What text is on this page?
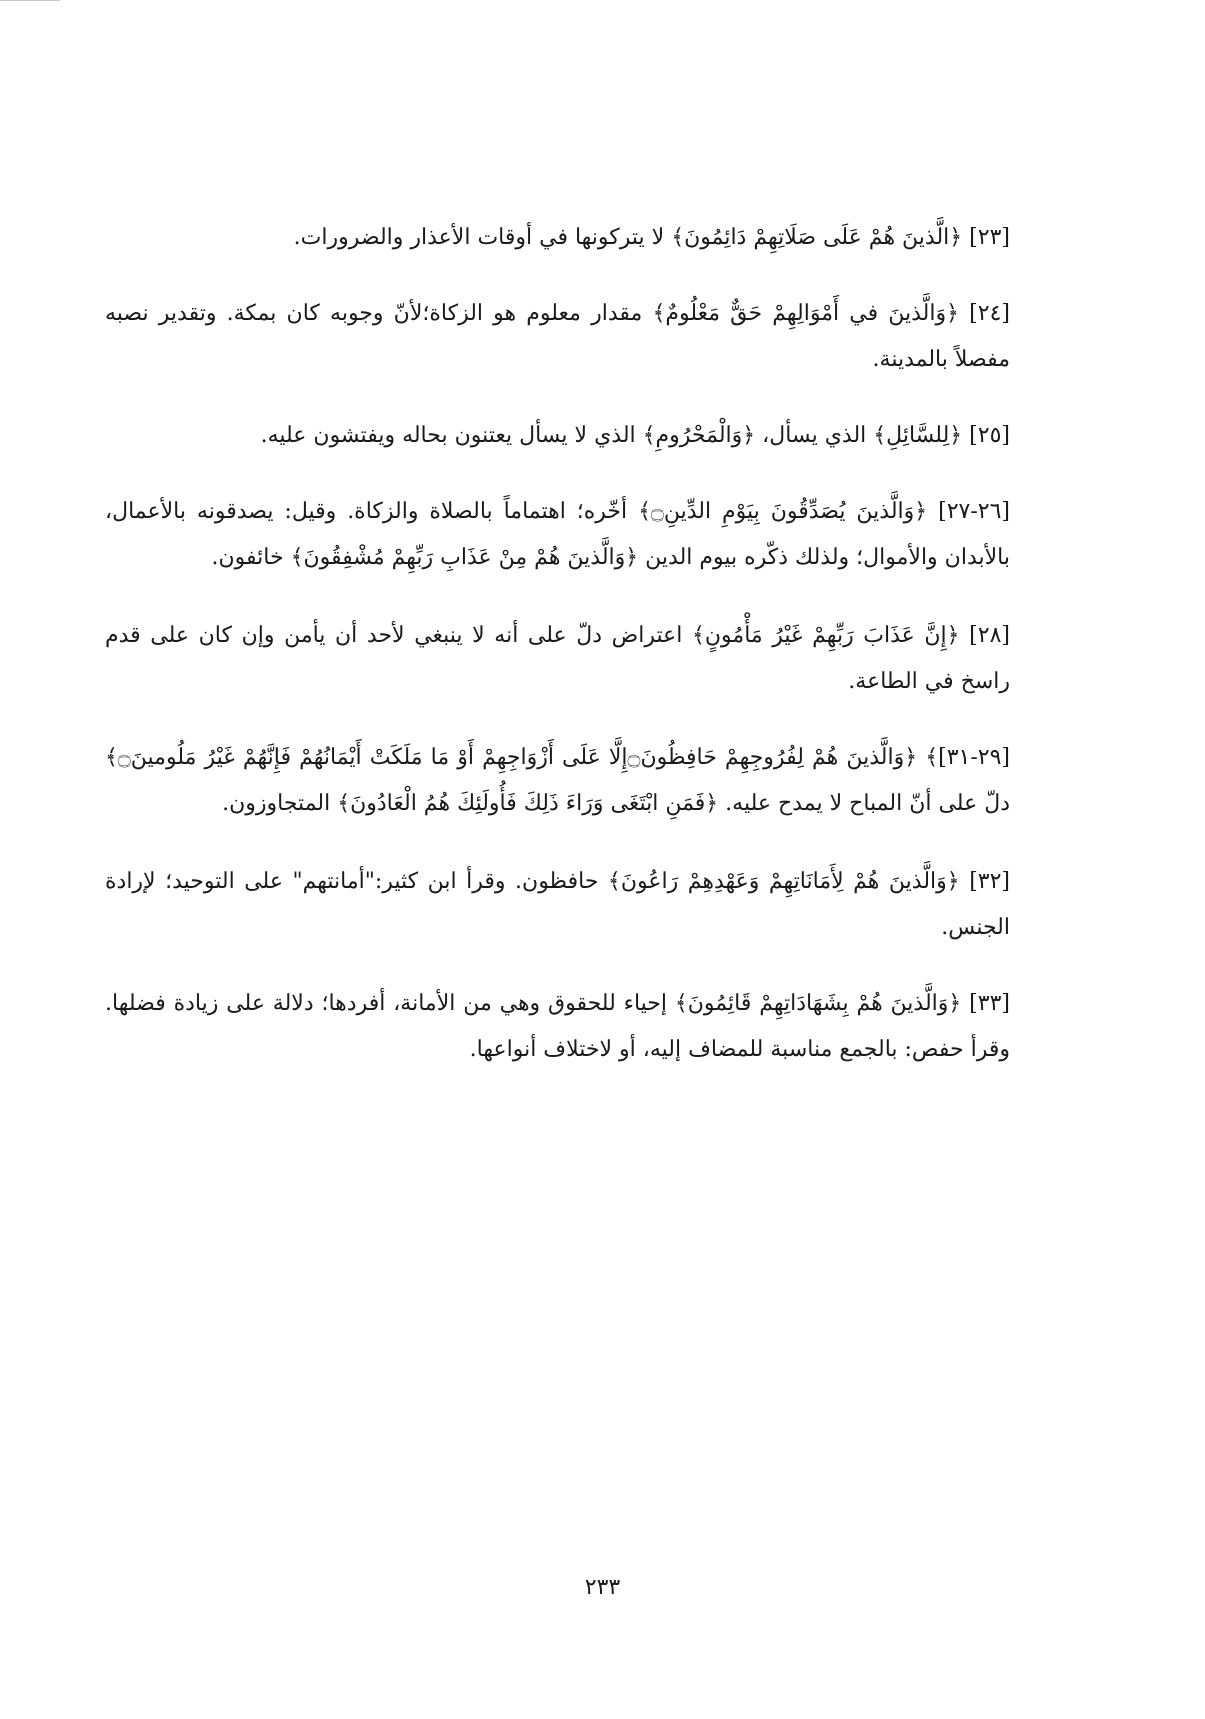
[٢٣] ﴿الَّذينَ هُمْ عَلَى صَلَاتِهِمْ دَائِمُونَ﴾ لا يتركونها في أوقات الأعذار والضرورات.

[٢٤] ﴿وَالَّذينَ في أَمْوَالِهِمْ حَقٌّ مَعْلُومٌ﴾ مقدار معلوم هو الزكاة؛لأنّ وجوبه كان بمكة. وتقدير نصبه مفصلاً بالمدينة.

[٢٥] ﴿لِلسَّائِلِ﴾ الذي يسأل، ﴿وَالْمَحْرُومِ﴾ الذي لا يسأل يعتنون بحاله ويفتشون عليه.

[٢٦-٢٧] ﴿وَالَّذينَ يُصَدِّقُونَ بِيَوْمِ الدِّينِ۝﴾ أخّره؛ اهتماماً بالصلاة والزكاة. وقيل: يصدقونه بالأعمال، بالأبدان والأموال؛ ولذلك ذكّره بيوم الدين ﴿وَالَّذينَ هُمْ مِنْ عَذَابِ رَبِّهِمْ مُشْفِقُونَ﴾ خائفون.

[٢٨] ﴿إِنَّ عَذَابَ رَبِّهِمْ غَيْرُ مَأْمُونٍ﴾ اعتراض دلّ على أنه لا ينبغي لأحد أن يأمن وإن كان على قدم راسخ في الطاعة.

[٢٩-٣١]﴾ ﴿وَالَّذينَ هُمْ لِفُرُوجِهِمْ حَافِظُونَ۝إِلَّا عَلَى أَزْوَاجِهِمْ أَوْ مَا مَلَكَتْ أَيْمَانُهُمْ فَإِنَّهُمْ غَيْرُ مَلُومينَ۝﴾ دلّ على أنّ المباح لا يمدح عليه. ﴿فَمَنِ ابْتَغَى وَرَاءَ ذَلِكَ فَأُولَئِكَ هُمُ الْعَادُونَ﴾ المتجاوزون.

[٣٢] ﴿وَالَّذينَ هُمْ لِأَمَانَاتِهِمْ وَعَهْدِهِمْ رَاعُونَ﴾ حافظون. وقرأ ابن كثير:"أمانتهم" على التوحيد؛ لإرادة الجنس.

[٣٣] ﴿وَالَّذينَ هُمْ بِشَهَادَاتِهِمْ قَائِمُونَ﴾ إحياء للحقوق وهي من الأمانة، أفردها؛ دلالة على زيادة فضلها. وقرأ حفص: بالجمع مناسبة للمضاف إليه، أو لاختلاف أنواعها.

٢٣٣
